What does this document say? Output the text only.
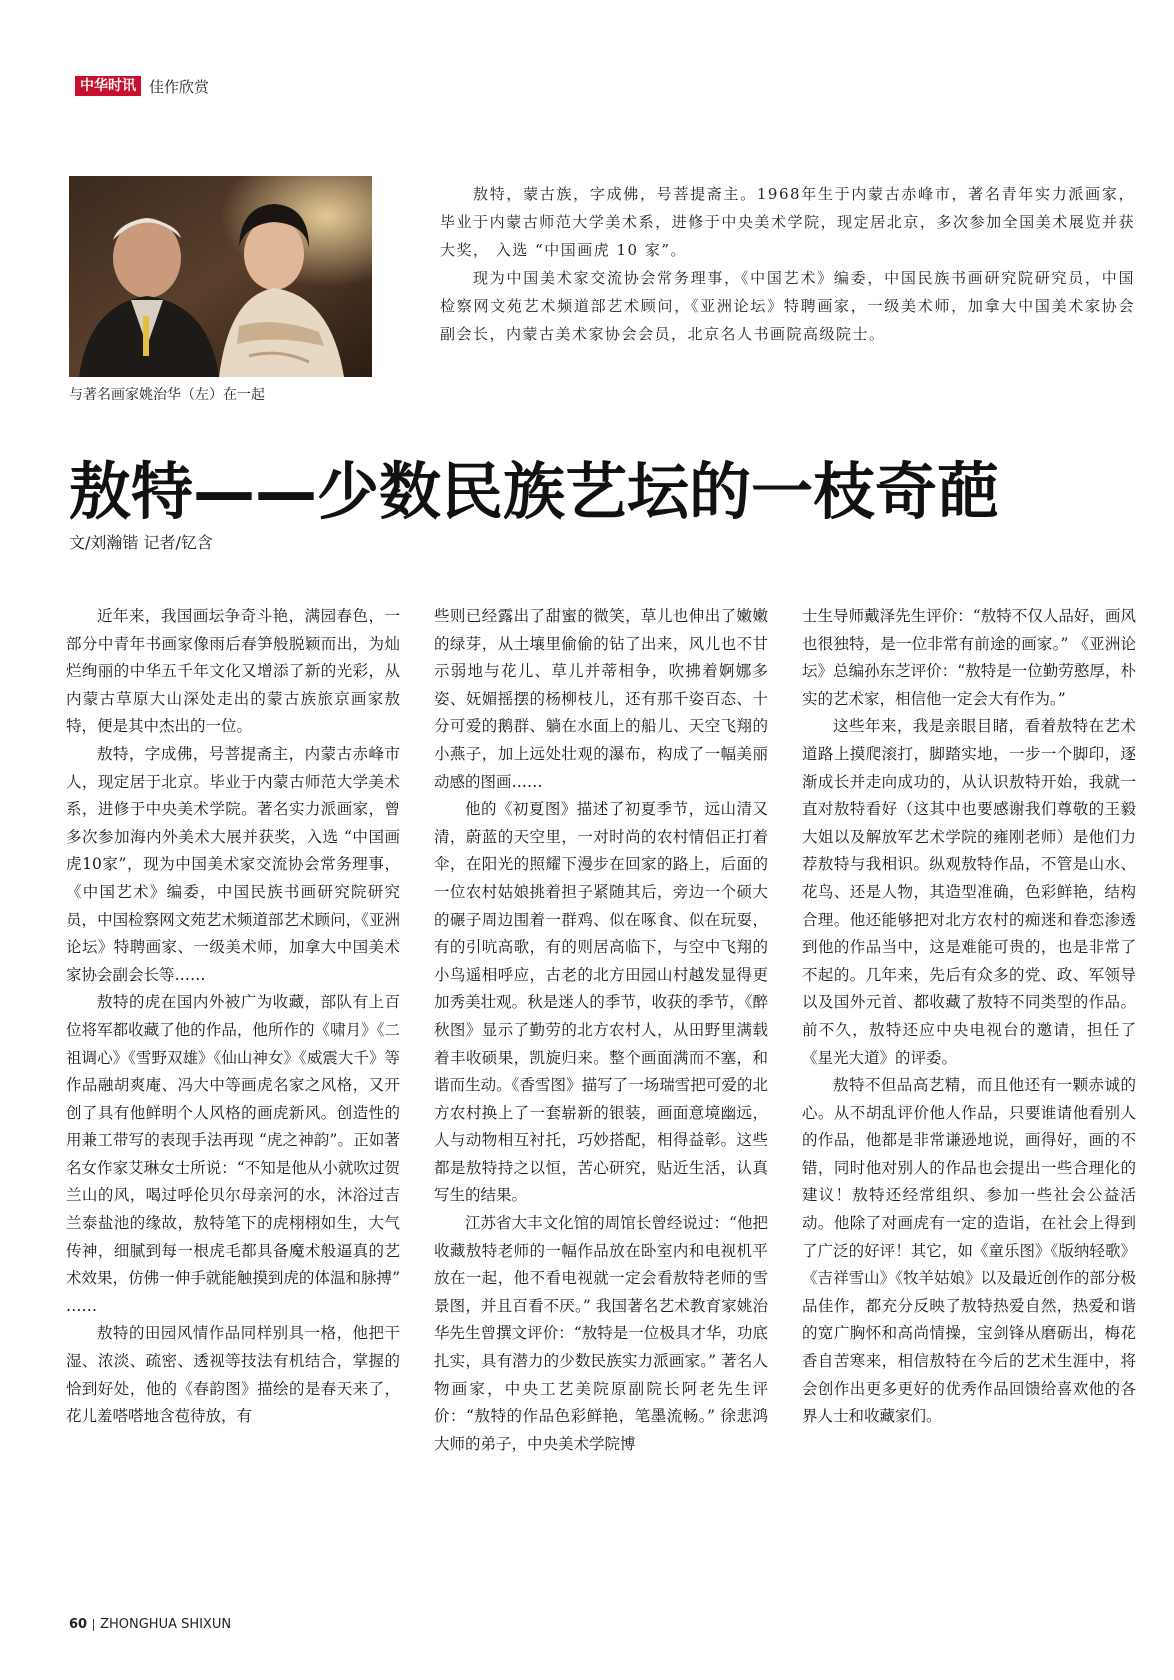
中华时讯 佳作欣赏
与著名画家姚治华（左）在一起

敖特，蒙古族，字成佛，号菩提斋主。1968年生于内蒙古赤峰市，著名青年实力派画家，毕业于内蒙古师范大学美术系，进修于中央美术学院，现定居北京，多次参加全国美术展览并获大奖， 入选 “中国画虎 10 家”。

现为中国美术家交流协会常务理事，《中国艺术》编委，中国民族书画研究院研究员，中国检察网文苑艺术频道部艺术顾问，《亚洲论坛》特聘画家，一级美术师，加拿大中国美术家协会副会长，内蒙古美术家协会会员，北京名人书画院高级院士。

敖特——少数民族艺坛的一枝奇葩
文/刘瀚锴 记者/钇含

近年来，我国画坛争奇斗艳，满园春色，一部分中青年书画家像雨后春笋般脱颖而出，为灿烂绚丽的中华五千年文化又增添了新的光彩，从内蒙古草原大山深处走出的蒙古族旅京画家敖特，便是其中杰出的一位。

敖特，字成佛，号菩提斋主，内蒙古赤峰市人，现定居于北京。毕业于内蒙古师范大学美术系，进修于中央美术学院。著名实力派画家，曾多次参加海内外美术大展并获奖，入选 “中国画虎10家”，现为中国美术家交流协会常务理事，《中国艺术》编委，中国民族书画研究院研究员，中国检察网文苑艺术频道部艺术顾问，《亚洲论坛》特聘画家、一级美术师，加拿大中国美术家协会副会长等……

敖特的虎在国内外被广为收藏，部队有上百位将军都收藏了他的作品，他所作的《啸月》《二祖调心》《雪野双雄》《仙山神女》《威震大千》等作品融胡爽庵、冯大中等画虎名家之风格，又开创了具有他鲜明个人风格的画虎新风。创造性的用兼工带写的表现手法再现 “虎之神韵”。正如著名女作家艾琳女士所说：“不知是他从小就吹过贺兰山的风，喝过呼伦贝尔母亲河的水，沐浴过吉兰泰盐池的缘故，敖特笔下的虎栩栩如生，大气传神，细腻到每一根虎毛都具备魔术般逼真的艺术效果，仿佛一伸手就能触摸到虎的体温和脉搏” ……

敖特的田园风情作品同样别具一格，他把干湿、浓淡、疏密、透视等技法有机结合，掌握的恰到好处，他的《春韵图》描绘的是春天来了，花儿羞嗒嗒地含苞待放，有

些则已经露出了甜蜜的微笑，草儿也伸出了嫩嫩的绿芽，从土壤里偷偷的钻了出来，风儿也不甘示弱地与花儿、草儿并蒂相争，吹拂着婀娜多姿、妩媚摇摆的杨柳枝儿，还有那千姿百态、十分可爱的鹅群、躺在水面上的船儿、天空飞翔的小燕子，加上远处壮观的瀑布，构成了一幅美丽动感的图画……

他的《初夏图》描述了初夏季节，远山清又清，蔚蓝的天空里，一对时尚的农村情侣正打着伞，在阳光的照耀下漫步在回家的路上，后面的一位农村姑娘挑着担子紧随其后，旁边一个硕大的碾子周边围着一群鸡、似在啄食、似在玩耍，有的引吭高歌，有的则居高临下，与空中飞翔的小鸟遥相呼应，古老的北方田园山村越发显得更加秀美壮观。秋是迷人的季节，收获的季节，《醉秋图》显示了勤劳的北方农村人，从田野里满载着丰收硕果，凯旋归来。整个画面满而不塞，和谐而生动。《香雪图》描写了一场瑞雪把可爱的北方农村换上了一套崭新的银装，画面意境幽远，人与动物相互衬托，巧妙搭配，相得益彰。这些都是敖特持之以恒，苦心研究，贴近生活，认真写生的结果。

江苏省大丰文化馆的周馆长曾经说过：“他把收藏敖特老师的一幅作品放在卧室内和电视机平放在一起，他不看电视就一定会看敖特老师的雪景图，并且百看不厌。” 我国著名艺术教育家姚治华先生曾撰文评价：“敖特是一位极具才华，功底扎实，具有潜力的少数民族实力派画家。” 著名人物画家，中央工艺美院原副院长阿老先生评价：“敖特的作品色彩鲜艳，笔墨流畅。” 徐悲鸿大师的弟子，中央美术学院博

士生导师戴泽先生评价：“敖特不仅人品好，画风也很独特，是一位非常有前途的画家。” 《亚洲论坛》总编孙东芝评价：“敖特是一位勤劳憨厚，朴实的艺术家，相信他一定会大有作为。”

这些年来，我是亲眼目睹，看着敖特在艺术道路上摸爬滚打，脚踏实地，一步一个脚印，逐渐成长并走向成功的，从认识敖特开始，我就一直对敖特看好（这其中也要感谢我们尊敬的王毅大姐以及解放军艺术学院的雍刚老师）是他们力荐敖特与我相识。纵观敖特作品，不管是山水、花鸟、还是人物，其造型准确，色彩鲜艳，结构合理。他还能够把对北方农村的痴迷和眷恋渗透到他的作品当中，这是难能可贵的，也是非常了不起的。几年来，先后有众多的党、政、军领导以及国外元首、都收藏了敖特不同类型的作品。前不久，敖特还应中央电视台的邀请，担任了《星光大道》的评委。

敖特不但品高艺精，而且他还有一颗赤诚的心。从不胡乱评价他人作品，只要谁请他看别人的作品，他都是非常谦逊地说，画得好，画的不错，同时他对别人的作品也会提出一些合理化的建议！敖特还经常组织、参加一些社会公益活动。他除了对画虎有一定的造诣，在社会上得到了广泛的好评！其它，如《童乐图》《版纳轻歌》《吉祥雪山》《牧羊姑娘》以及最近创作的部分极品佳作，都充分反映了敖特热爱自然，热爱和谐的宽广胸怀和高尚情操，宝剑锋从磨砺出，梅花香自苦寒来，相信敖特在今后的艺术生涯中，将会创作出更多更好的优秀作品回馈给喜欢他的各界人士和收藏家们。

60 ZHONGHUA SHIXUN
